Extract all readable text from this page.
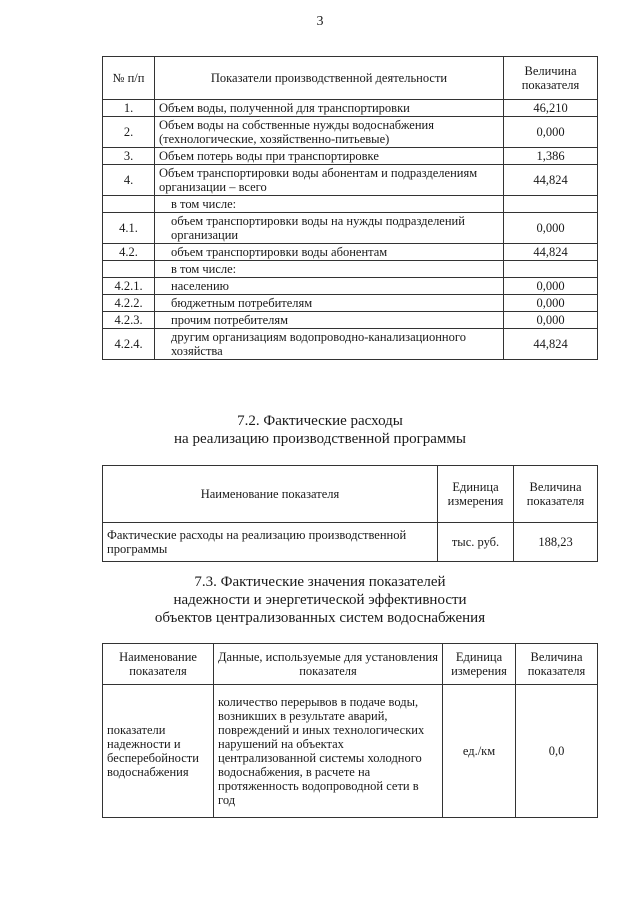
3
№ п/п	Показатели производственной деятельности	Величина показателя
1.	Объем воды, полученной для транспортировки	46,210
2.	Объем воды на собственные нужды водоснабжения (технологические, хозяйственно-питьевые)	0,000
3.	Объем потерь воды при транспортировке	1,386
4.	Объем транспортировки воды абонентам и подразделениям организации – всего	44,824
	в том числе:	
4.1.	объем транспортировки воды на нужды подразделений организации	0,000
4.2.	объем транспортировки воды абонентам	44,824
	в том числе:	
4.2.1.	населению	0,000
4.2.2.	бюджетным потребителям	0,000
4.2.3.	прочим потребителям	0,000
4.2.4.	другим организациям водопроводно-канализационного хозяйства	44,824
7.2. Фактические расходы
на реализацию производственной программы
Наименование показателя	Единица измерения	Величина показателя
Фактические расходы на реализацию производственной программы	тыс. руб.	188,23
7.3. Фактические значения показателей
надежности и энергетической эффективности
объектов централизованных систем водоснабжения
Наименование показателя	Данные, используемые для установления показателя	Единица измерения	Величина показателя
показатели надежности и бесперебойности водоснабжения	количество перерывов в подаче воды, возникших в результате аварий, повреждений и иных технологических нарушений на объектах централизованной системы холодного водоснабжения, в расчете на протяженность водопроводной сети в год	ед./км	0,0
